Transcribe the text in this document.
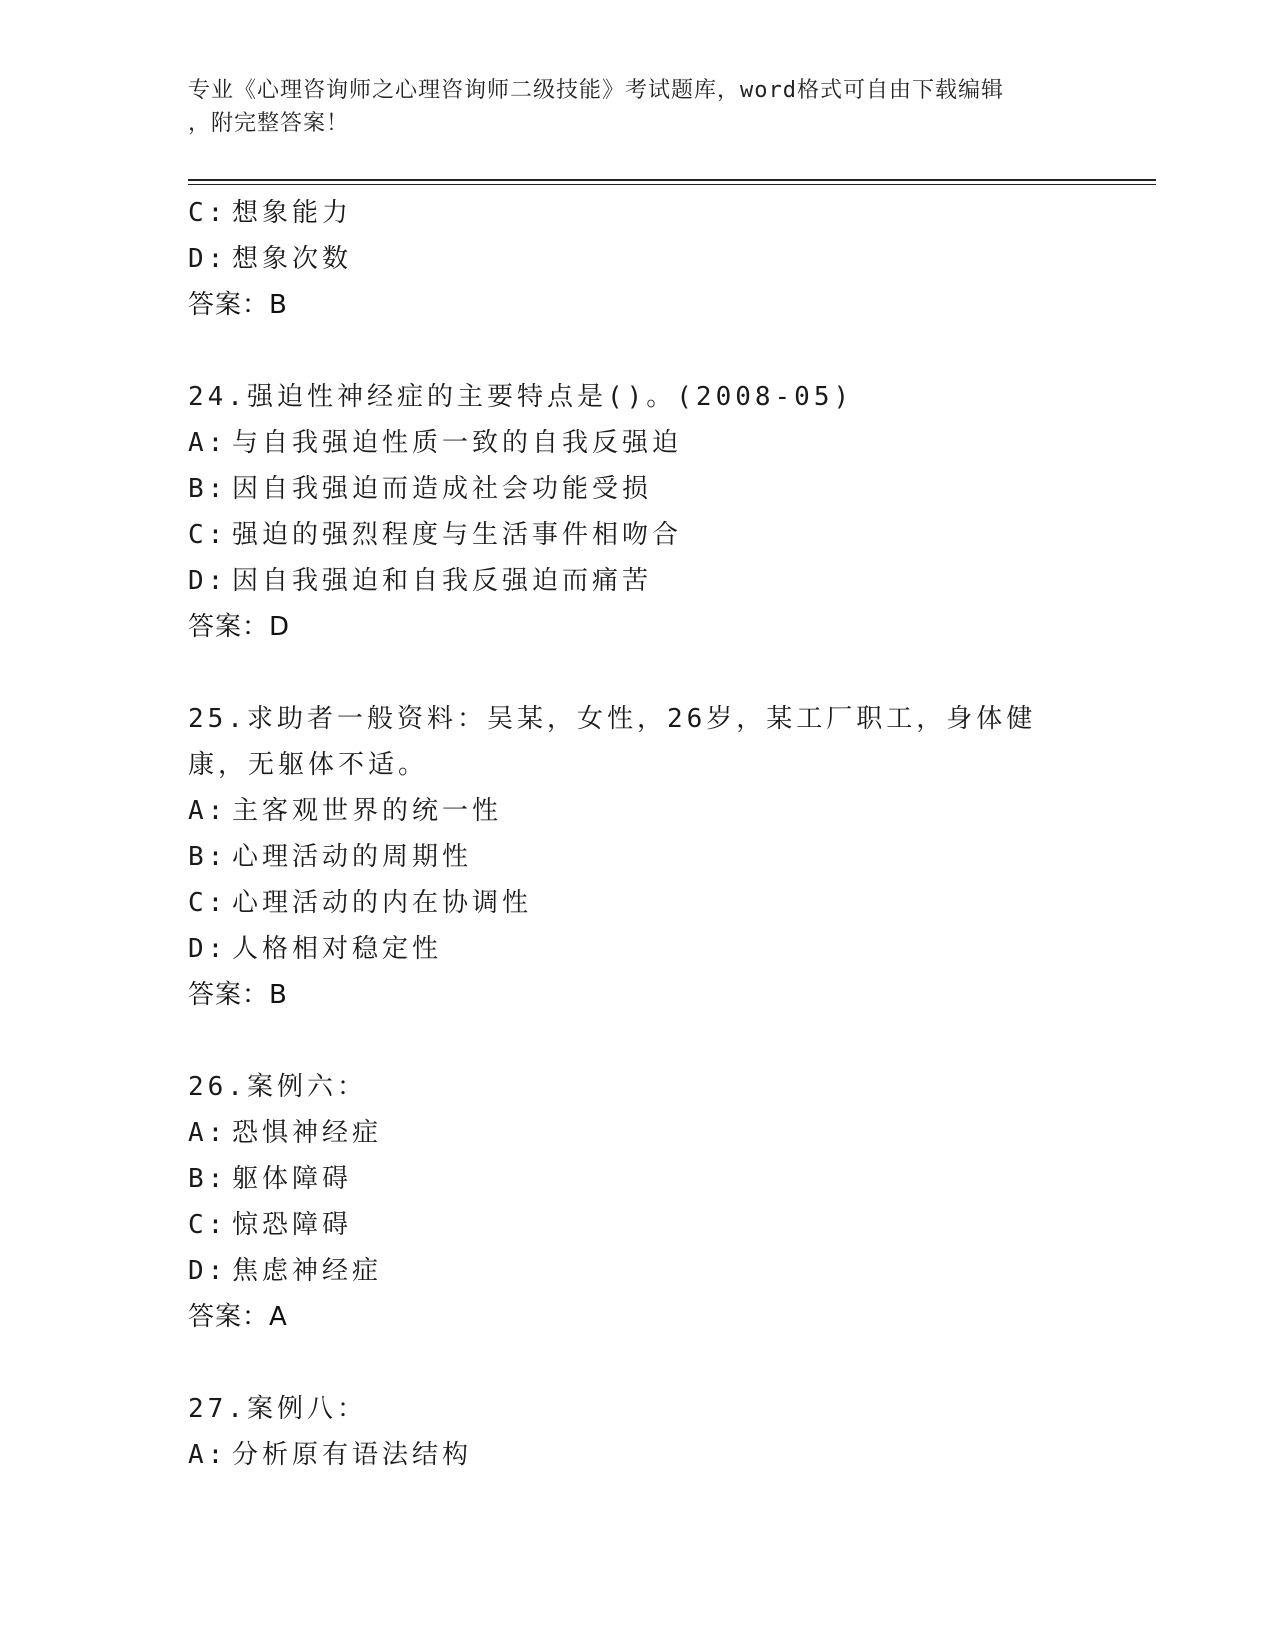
专业《心理咨询师之心理咨询师二级技能》考试题库，word格式可自由下载编辑
，附完整答案！
C: 想象能力
D: 想象次数
答案：B
24.强迫性神经症的主要特点是()。(2008-05)
A: 与自我强迫性质一致的自我反强迫
B: 因自我强迫而造成社会功能受损
C: 强迫的强烈程度与生活事件相吻合
D: 因自我强迫和自我反强迫而痛苦
答案：D
25.求助者一般资料：吴某，女性，26岁，某工厂职工，身体健康，无躯体不适。
A: 主客观世界的统一性
B: 心理活动的周期性
C: 心理活动的内在协调性
D: 人格相对稳定性
答案：B
26.案例六：
A: 恐惧神经症
B: 躯体障碍
C: 惊恐障碍
D: 焦虑神经症
答案：A
27.案例八：
A: 分析原有语法结构
